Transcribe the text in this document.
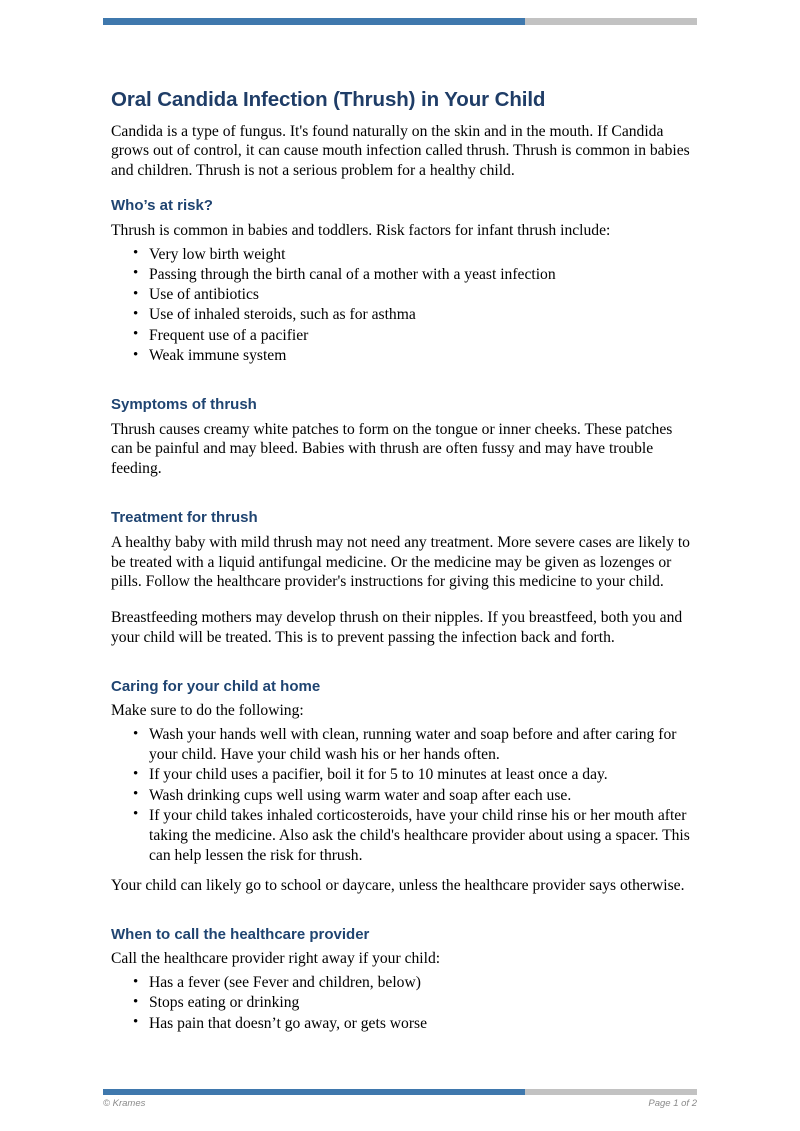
Oral Candida Infection (Thrush) in Your Child

Candida is a type of fungus. It's found naturally on the skin and in the mouth. If Candida grows out of control, it can cause mouth infection called thrush. Thrush is common in babies and children. Thrush is not a serious problem for a healthy child.

Who’s at risk?

Thrush is common in babies and toddlers. Risk factors for infant thrush include:

• Very low birth weight
• Passing through the birth canal of a mother with a yeast infection
• Use of antibiotics
• Use of inhaled steroids, such as for asthma
• Frequent use of a pacifier
• Weak immune system
Symptoms of thrush

Thrush causes creamy white patches to form on the tongue or inner cheeks. These patches can be painful and may bleed. Babies with thrush are often fussy and may have trouble feeding.

Treatment for thrush

A healthy baby with mild thrush may not need any treatment. More severe cases are likely to be treated with a liquid antifungal medicine. Or the medicine may be given as lozenges or pills. Follow the healthcare provider's instructions for giving this medicine to your child.

Breastfeeding mothers may develop thrush on their nipples. If you breastfeed, both you and your child will be treated. This is to prevent passing the infection back and forth.

Caring for your child at home

Make sure to do the following:

• Wash your hands well with clean, running water and soap before and after caring for your child. Have your child wash his or her hands often.
• If your child uses a pacifier, boil it for 5 to 10 minutes at least once a day.
• Wash drinking cups well using warm water and soap after each use.
• If your child takes inhaled corticosteroids, have your child rinse his or her mouth after taking the medicine. Also ask the child's healthcare provider about using a spacer. This can help lessen the risk for thrush.

Your child can likely go to school or daycare, unless the healthcare provider says otherwise.

When to call the healthcare provider

Call the healthcare provider right away if your child:

• Has a fever (see Fever and children, below)
• Stops eating or drinking
• Has pain that doesn’t go away, or gets worse
© Krames	Page 1 of 2
